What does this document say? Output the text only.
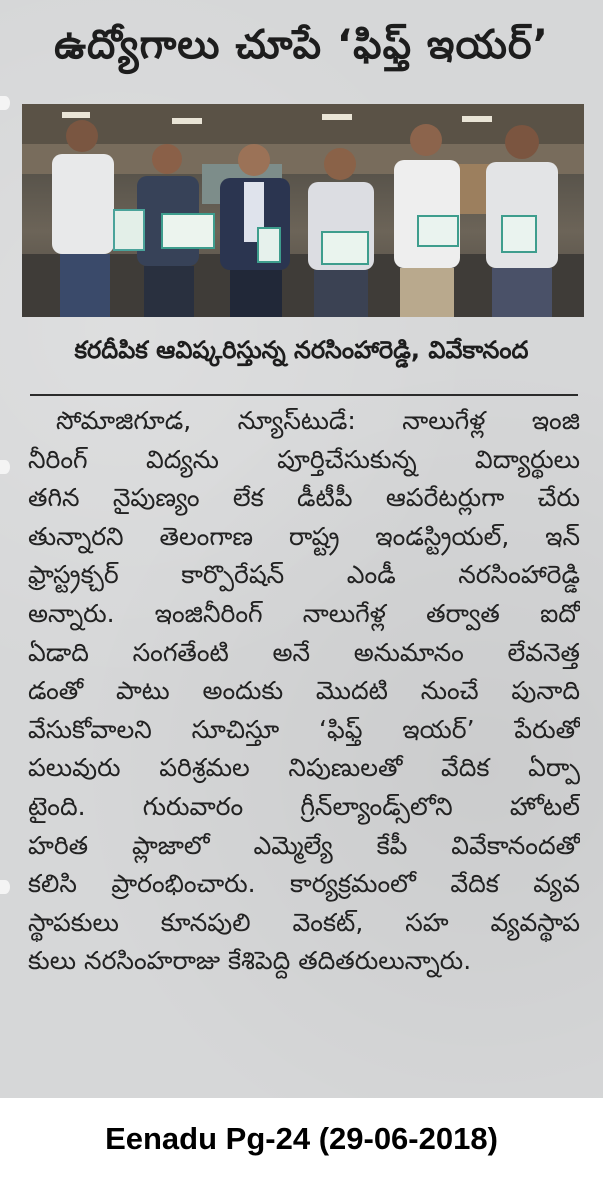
ఉద్యోగాలు చూపే ‘ఫిఫ్త్ ఇయర్’
కరదీపిక ఆవిష్కరిస్తున్న నరసింహారెడ్డి, వివేకానంద
సోమాజిగూడ, న్యూస్‌టుడే: నాలుగేళ్ల ఇంజి
నీరింగ్ విద్యను పూర్తిచేసుకున్న విద్యార్థులు
తగిన నైపుణ్యం లేక డీటీపీ ఆపరేటర్లుగా చేరు
తున్నారని తెలంగాణ రాష్ట్ర ఇండస్ట్రియల్, ఇన్
ఫ్రాస్ట్రక్చర్ కార్పొరేషన్ ఎండీ నరసింహారెడ్డి
అన్నారు. ఇంజినీరింగ్ నాలుగేళ్ల తర్వాత ఐదో
ఏడాది సంగతేంటి అనే అనుమానం లేవనెత్త
డంతో పాటు అందుకు మొదటి నుంచే పునాది
వేసుకోవాలని సూచిస్తూ ‘ఫిఫ్త్ ఇయర్’ పేరుతో
పలువురు పరిశ్రమల నిపుణులతో వేదిక ఏర్పా
టైంది. గురువారం గ్రీన్‌ల్యాండ్స్‌లోని హోటల్
హరిత ప్లాజాలో ఎమ్మెల్యే కేపీ వివేకానందతో
కలిసి ప్రారంభించారు. కార్యక్రమంలో వేదిక వ్యవ
స్థాపకులు కూనపులి వెంకట్, సహ వ్యవస్థాప
కులు నరసింహరాజు కేశిపెద్ది తదితరులున్నారు.
Eenadu Pg-24 (29-06-2018)
